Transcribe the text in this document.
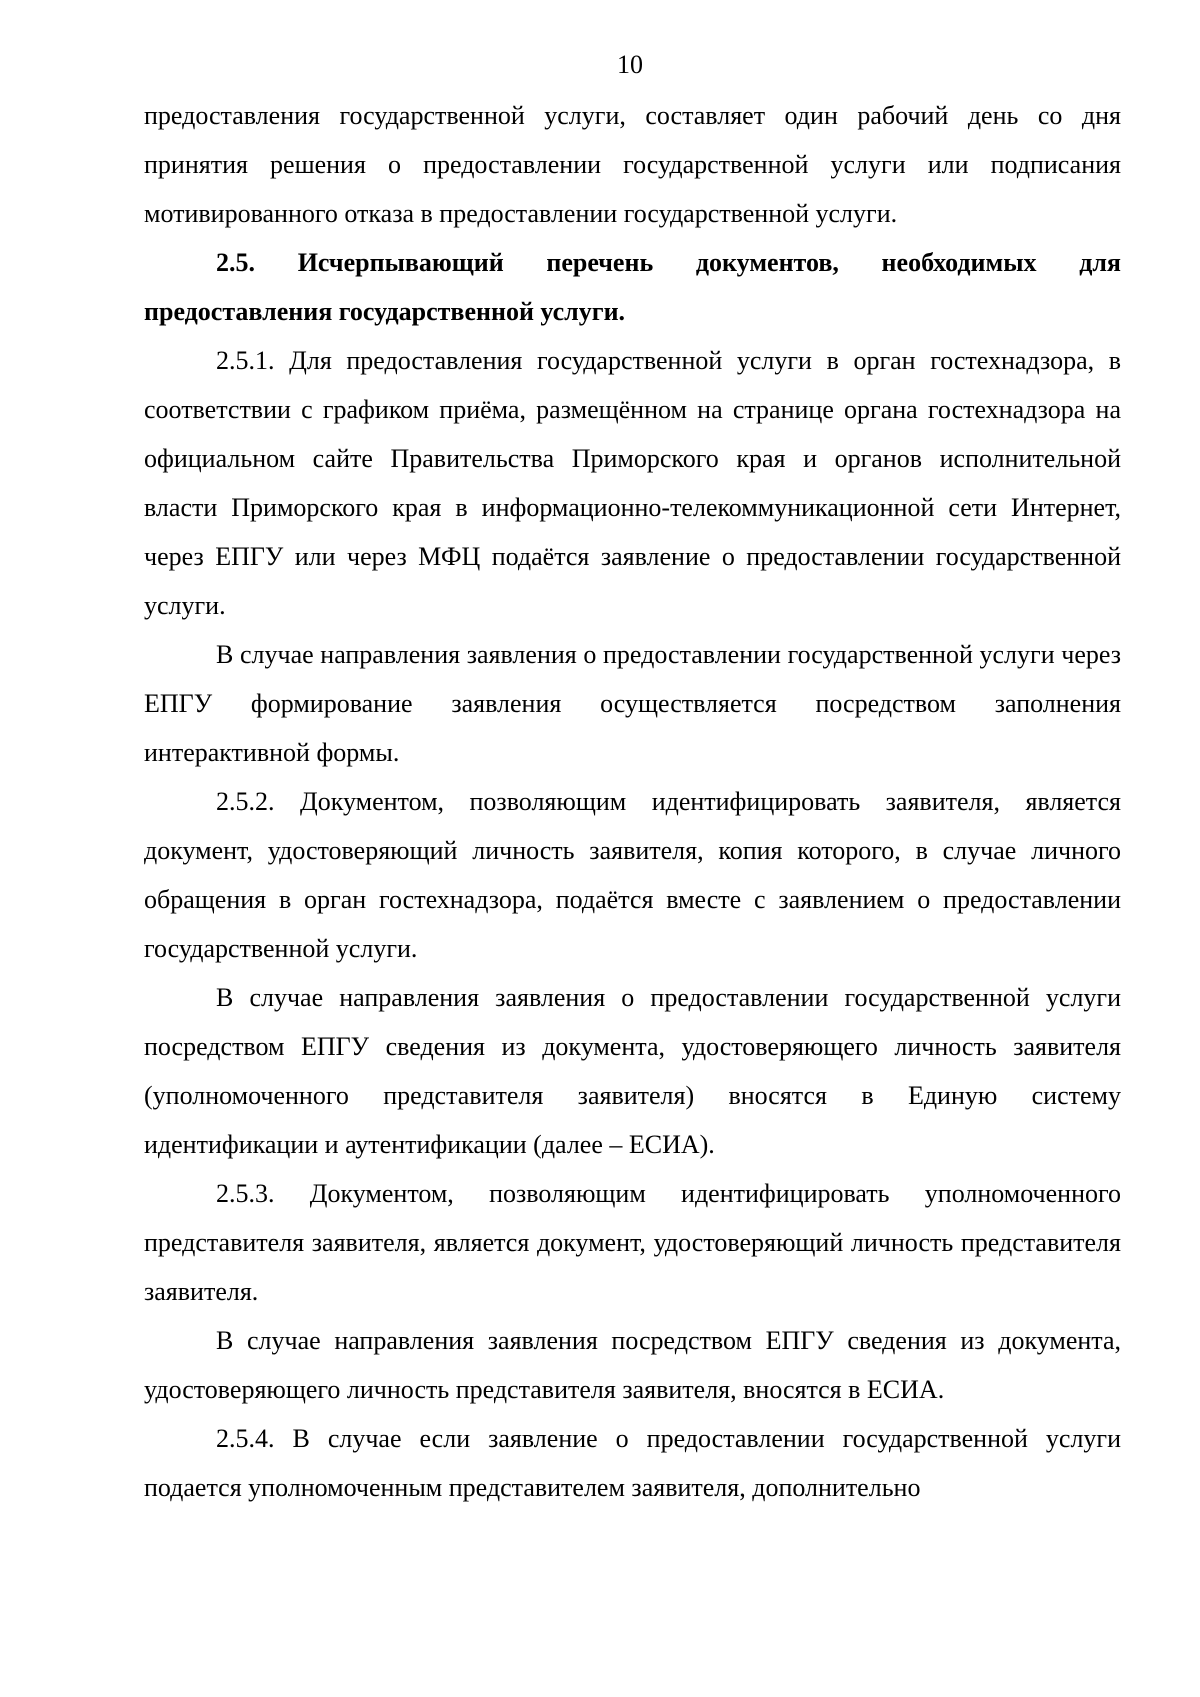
10

предоставления государственной услуги, составляет один рабочий день со дня принятия решения о предоставлении государственной услуги или подписания мотивированного отказа в предоставлении государственной услуги.

2.5. Исчерпывающий перечень документов, необходимых для предоставления государственной услуги.

2.5.1. Для предоставления государственной услуги в орган гостехнадзора, в соответствии с графиком приёма, размещённом на странице органа гостехнадзора на официальном сайте Правительства Приморского края и органов исполнительной власти Приморского края в информационно-телекоммуникационной сети Интернет, через ЕПГУ или через МФЦ подаётся заявление о предоставлении государственной услуги.

В случае направления заявления о предоставлении государственной услуги через ЕПГУ формирование заявления осуществляется посредством заполнения интерактивной формы.

2.5.2. Документом, позволяющим идентифицировать заявителя, является документ, удостоверяющий личность заявителя, копия которого, в случае личного обращения в орган гостехнадзора, подаётся вместе с заявлением о предоставлении государственной услуги.

В случае направления заявления о предоставлении государственной услуги посредством ЕПГУ сведения из документа, удостоверяющего личность заявителя (уполномоченного представителя заявителя) вносятся в Единую систему идентификации и аутентификации (далее – ЕСИА).

2.5.3. Документом, позволяющим идентифицировать уполномоченного представителя заявителя, является документ, удостоверяющий личность представителя заявителя.

В случае направления заявления посредством ЕПГУ сведения из документа, удостоверяющего личность представителя заявителя, вносятся в ЕСИА.

2.5.4. В случае если заявление о предоставлении государственной услуги подается уполномоченным представителем заявителя, дополнительно
